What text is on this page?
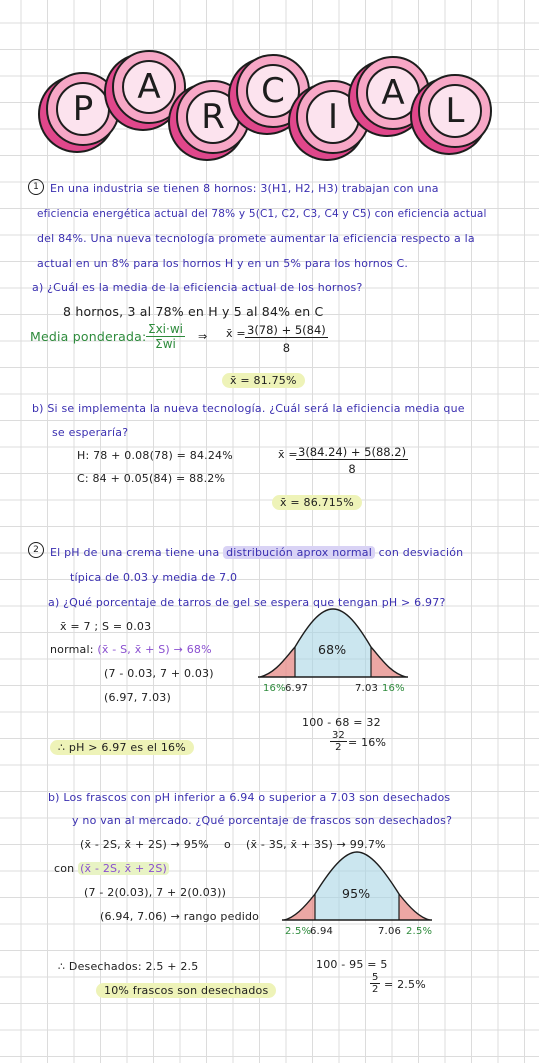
P
A
R
C
I
A L
1	En una industria se tienen 8 hornos: 3(H1, H2, H3) trabajan con una
eficiencia energética actual del 78% y 5(C1, C2, C3, C4 y C5) con eficiencia actual
del 84%. Una nueva tecnología promete aumentar la eficiencia respecto a la
actual en un 8% para los hornos H y en un 5% para los hornos C.
a) ¿Cuál es la media de la eficiencia actual de los hornos?
8 hornos, 3 al 78% en H y 5 al 84% en C
Media ponderada: Σxi·wi
Σwi
⇒ x̄ = $\frac{3(78) + 5(84)}{8}$
x̄ = 81.75%
b) Si se implementa la nueva tecnología. ¿Cuál será la eficiencia media que
se esperaría?
H: 78 + 0.08(78) = 84.24%
C: 84 + 0.05(84) = 88.2%
x̄ =
$\frac{3(84.24) + 5(88.2)}{8}$
x̄ = 86.715%
2	El pH de una crema tiene una distribución aprox normal con desviación
típica de 0.03 y media de 7.0
a) ¿Qué porcentaje de tarros de gel se espera que tengan pH > 6.97?
x̄ = 7 ; S = 0.03
normal: (x̄ - S, x̄ + S) → 68%
(7 - 0.03, 7 + 0.03)
(6.97, 7.03)
68%
16% 6.97	7.03 16%
100 - 68 = 32
$\frac{32}{2} = 16\%$
∴ pH > 6.97 es el 16%
b) Los frascos con pH inferior a 6.94 o superior a 7.03 son desechados
y no van al mercado. ¿Qué porcentaje de frascos son desechados?
(x̄ - 2S, x̄ + 2S) → 95% o (x̄ - 3S, x̄ + 3S) → 99.7%
con (x̄ - 2S, x̄ + 2S)
(7 - 2(0.03), 7 + 2(0.03))
(6.94, 7.06) → rango pedido
95%
2.5%
6.94	7.06 2.5%
100 - 95 = 5
$\frac{5}{2} = 2.5\%$
∴ Desechados: 2.5 + 2.5
10% frascos son desechados
